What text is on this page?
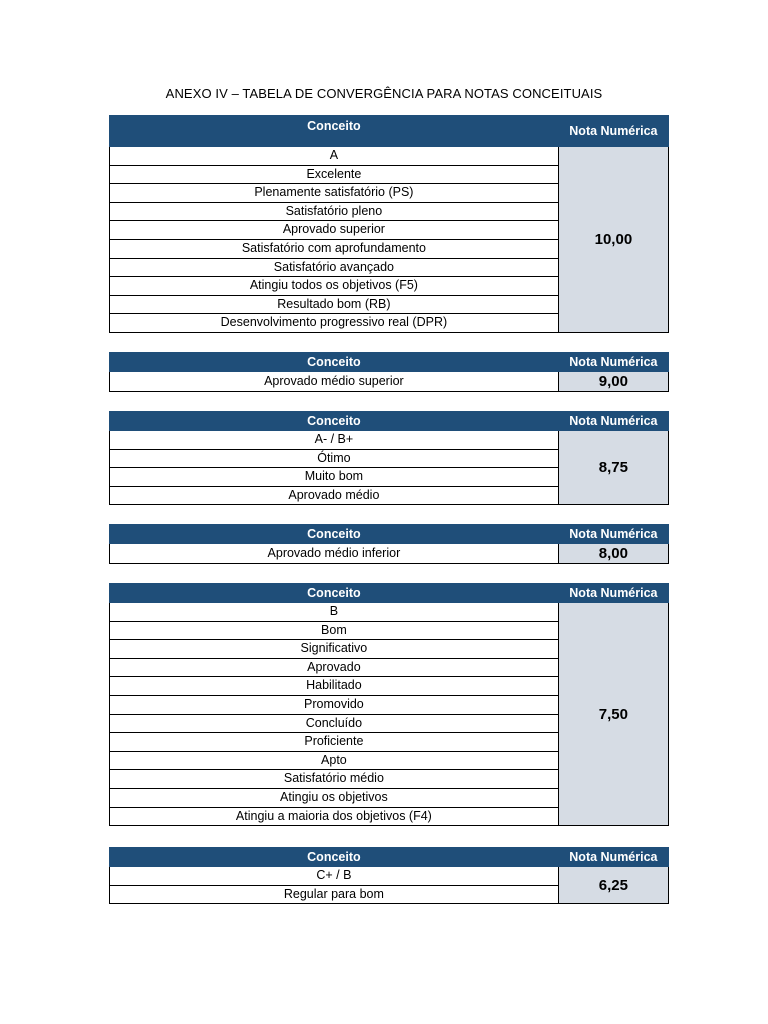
ANEXO IV – TABELA DE CONVERGÊNCIA PARA NOTAS CONCEITUAIS
Conceito	Nota Numérica
A	10,00
Excelente	
Plenamente satisfatório (PS)	
Satisfatório pleno	
Aprovado superior	
Satisfatório com aprofundamento	
Satisfatório avançado	
Atingiu todos os objetivos (F5)	
Resultado bom (RB)	
Desenvolvimento progressivo real (DPR)	
Conceito	Nota Numérica
Aprovado médio superior	9,00
Conceito	Nota Numérica
A- / B+	8,75
Ótimo	
Muito bom	
Aprovado médio	
Conceito	Nota Numérica
Aprovado médio inferior	8,00
Conceito	Nota Numérica
B	7,50
Bom	
Significativo	
Aprovado	
Habilitado	
Promovido	
Concluído	
Proficiente	
Apto	
Satisfatório médio	
Atingiu os objetivos	
Atingiu a maioria dos objetivos (F4)	
Conceito	Nota Numérica
C+ / B	6,25
Regular para bom	
